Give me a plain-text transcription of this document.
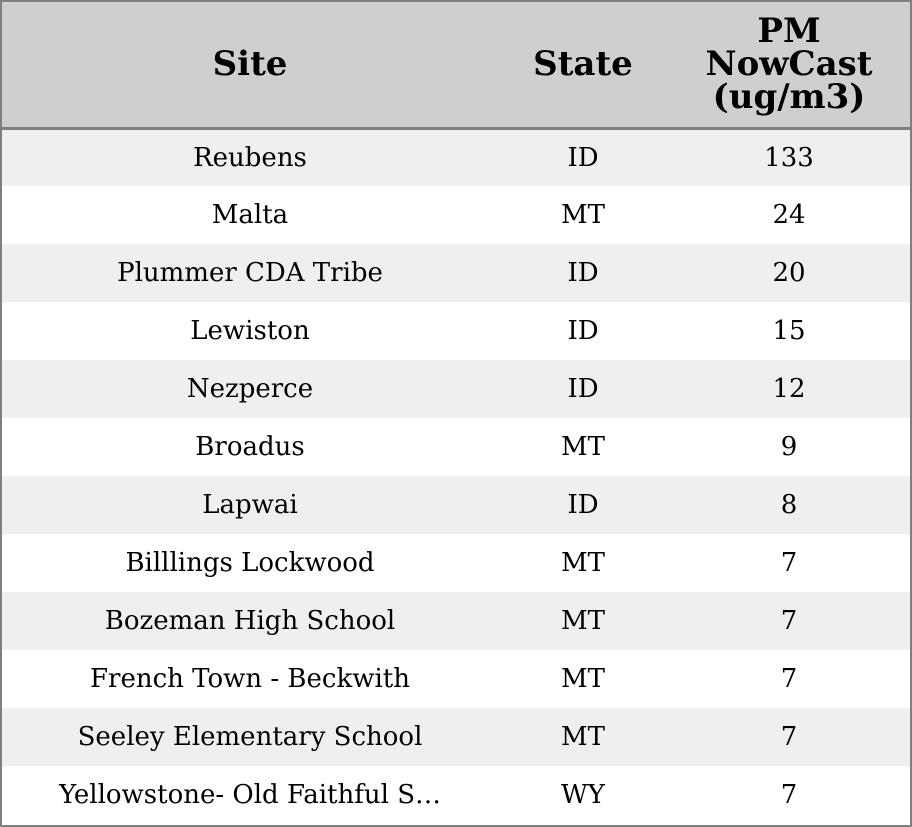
Site	State	PM
NowCast
(ug/m3)

Reubens	ID	133
Malta	MT	24
Plummer CDA Tribe	ID	20
Lewiston	ID	15
Nezperce	ID	12
Broadus	MT	9
Lapwai	ID	8
Billlings Lockwood	MT	7
Bozeman High School	MT	7
French Town - Beckwith	MT	7
Seeley Elementary School	MT	7
Yellowstone- Old Faithful S…	WY	7
